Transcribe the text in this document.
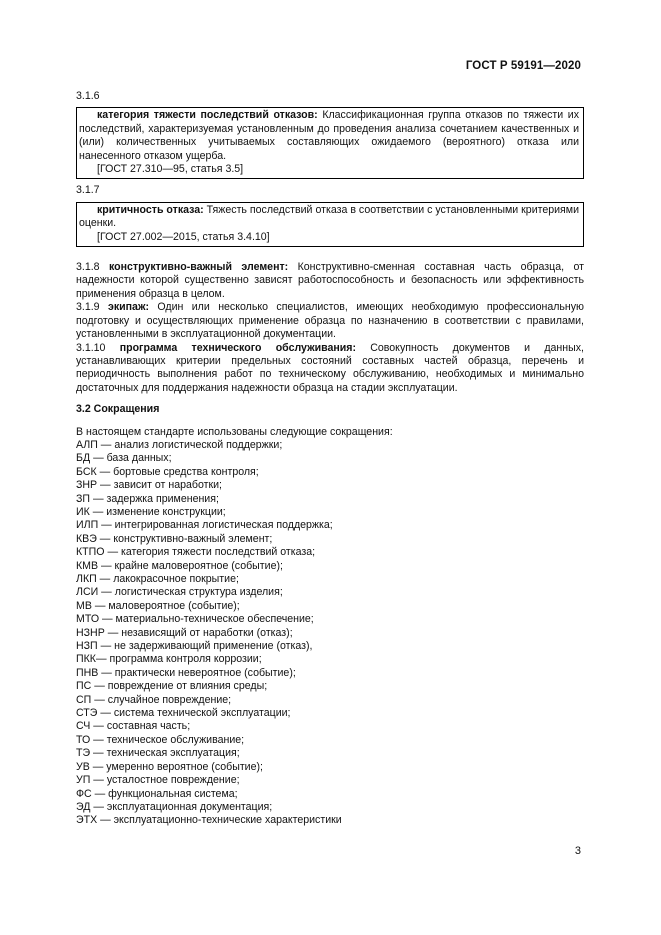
ГОСТ Р 59191—2020
3.1.6

категория тяжести последствий отказов: Классификационная группа отказов по тяжести их последствий, характеризуемая установленным до проведения анализа сочетанием качественных и (или) количественных учитываемых составляющих ожидаемого (вероятного) отказа или нанесенного отказом ущерба.

[ГОСТ 27.310—95, статья 3.5]

3.1.7

критичность отказа: Тяжесть последствий отказа в соответствии с установленными критериями оценки.

[ГОСТ 27.002—2015, статья 3.4.10]

3.1.8 конструктивно-важный элемент: Конструктивно-сменная составная часть образца, от надежности которой существенно зависят работоспособность и безопасность или эффективность применения образца в целом.

3.1.9 экипаж: Один или несколько специалистов, имеющих необходимую профессиональную подготовку и осуществляющих применение образца по назначению в соответствии с правилами, установленными в эксплуатационной документации.

3.1.10 программа технического обслуживания: Совокупность документов и данных, устанавливающих критерии предельных состояний составных частей образца, перечень и периодичность выполнения работ по техническому обслуживанию, необходимых и минимально достаточных для поддержания надежности образца на стадии эксплуатации.

3.2 Сокращения

В настоящем стандарте использованы следующие сокращения:

АЛП — анализ логистической поддержки;
БД — база данных;
БСК — бортовые средства контроля;
ЗНР — зависит от наработки;
ЗП — задержка применения;
ИК — изменение конструкции;
ИЛП — интегрированная логистическая поддержка;
КВЭ — конструктивно-важный элемент;
КТПО — категория тяжести последствий отказа;
КМВ — крайне маловероятное (событие);
ЛКП — лакокрасочное покрытие;
ЛСИ — логистическая структура изделия;
МВ — маловероятное (событие);
МТО — материально-техническое обеспечение;
НЗНР — независящий от наработки (отказ);
НЗП — не задерживающий применение (отказ),
ПКК— программа контроля коррозии;
ПНВ — практически невероятное (событие);
ПС — повреждение от влияния среды;
СП — случайное повреждение;
СТЭ — система технической эксплуатации;
СЧ — составная часть;
ТО — техническое обслуживание;
ТЭ — техническая эксплуатация;
УВ — умеренно вероятное (событие);
УП — усталостное повреждение;
ФС — функциональная система;
ЭД — эксплуатационная документация;
ЭТХ — эксплуатационно-технические характеристики
3
